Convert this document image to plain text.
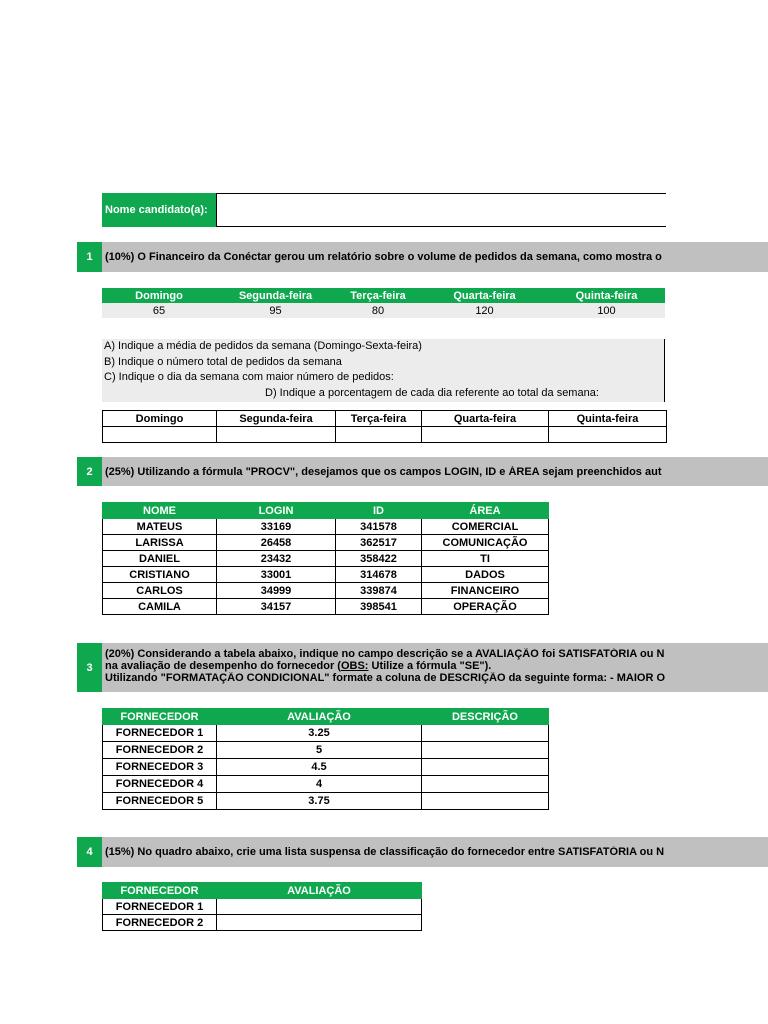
Nome candidato(a):
1 (10%) O Financeiro da Conéctar gerou um relatório sobre o volume de pedidos da semana, como mostra o
Domingo	Segunda-feira	Terça-feira	Quarta-feira	Quinta-feira
65	95	80	120	100
A) Indique a média de pedidos da semana (Domingo-Sexta-feira)
B) Indique o número total de pedidos da semana
C) Indique o dia da semana com maior número de pedidos:
D) Indique a porcentagem de cada dia referente ao total da semana:
Domingo	Segunda-feira	Terça-feira	Quarta-feira	Quinta-feira

2 (25%) Utilizando a fórmula "PROCV", desejamos que os campos LOGIN, ID e ÁREA sejam preenchidos aut
NOME	LOGIN	ID	ÁREA
MATEUS	33169	341578	COMERCIAL
LARISSA	26458	362517	COMUNICAÇÃO
DANIEL	23432	358422	TI
CRISTIANO	33001	314678	DADOS
CARLOS	34999	339874	FINANCEIRO
CAMILA	34157	398541	OPERAÇÃO
3
(20%) Considerando a tabela abaixo, indique no campo descrição se a AVALIAÇÃO foi SATISFATÓRIA ou N
na avaliação de desempenho do fornecedor (OBS: Utilize a fórmula "SE").
Utilizando "FORMATAÇÃO CONDICIONAL" formate a coluna de DESCRIÇÃO da seguinte forma: - MAIOR O
FORNECEDOR	AVALIAÇÃO	DESCRIÇÃO
FORNECEDOR 1	3.25	
FORNECEDOR 2	5	
FORNECEDOR 3	4.5	
FORNECEDOR 4	4	
FORNECEDOR 5	3.75	
4 (15%) No quadro abaixo, crie uma lista suspensa de classificação do fornecedor entre SATISFATÓRIA ou N
FORNECEDOR	AVALIAÇÃO
FORNECEDOR 1	
FORNECEDOR 2	
